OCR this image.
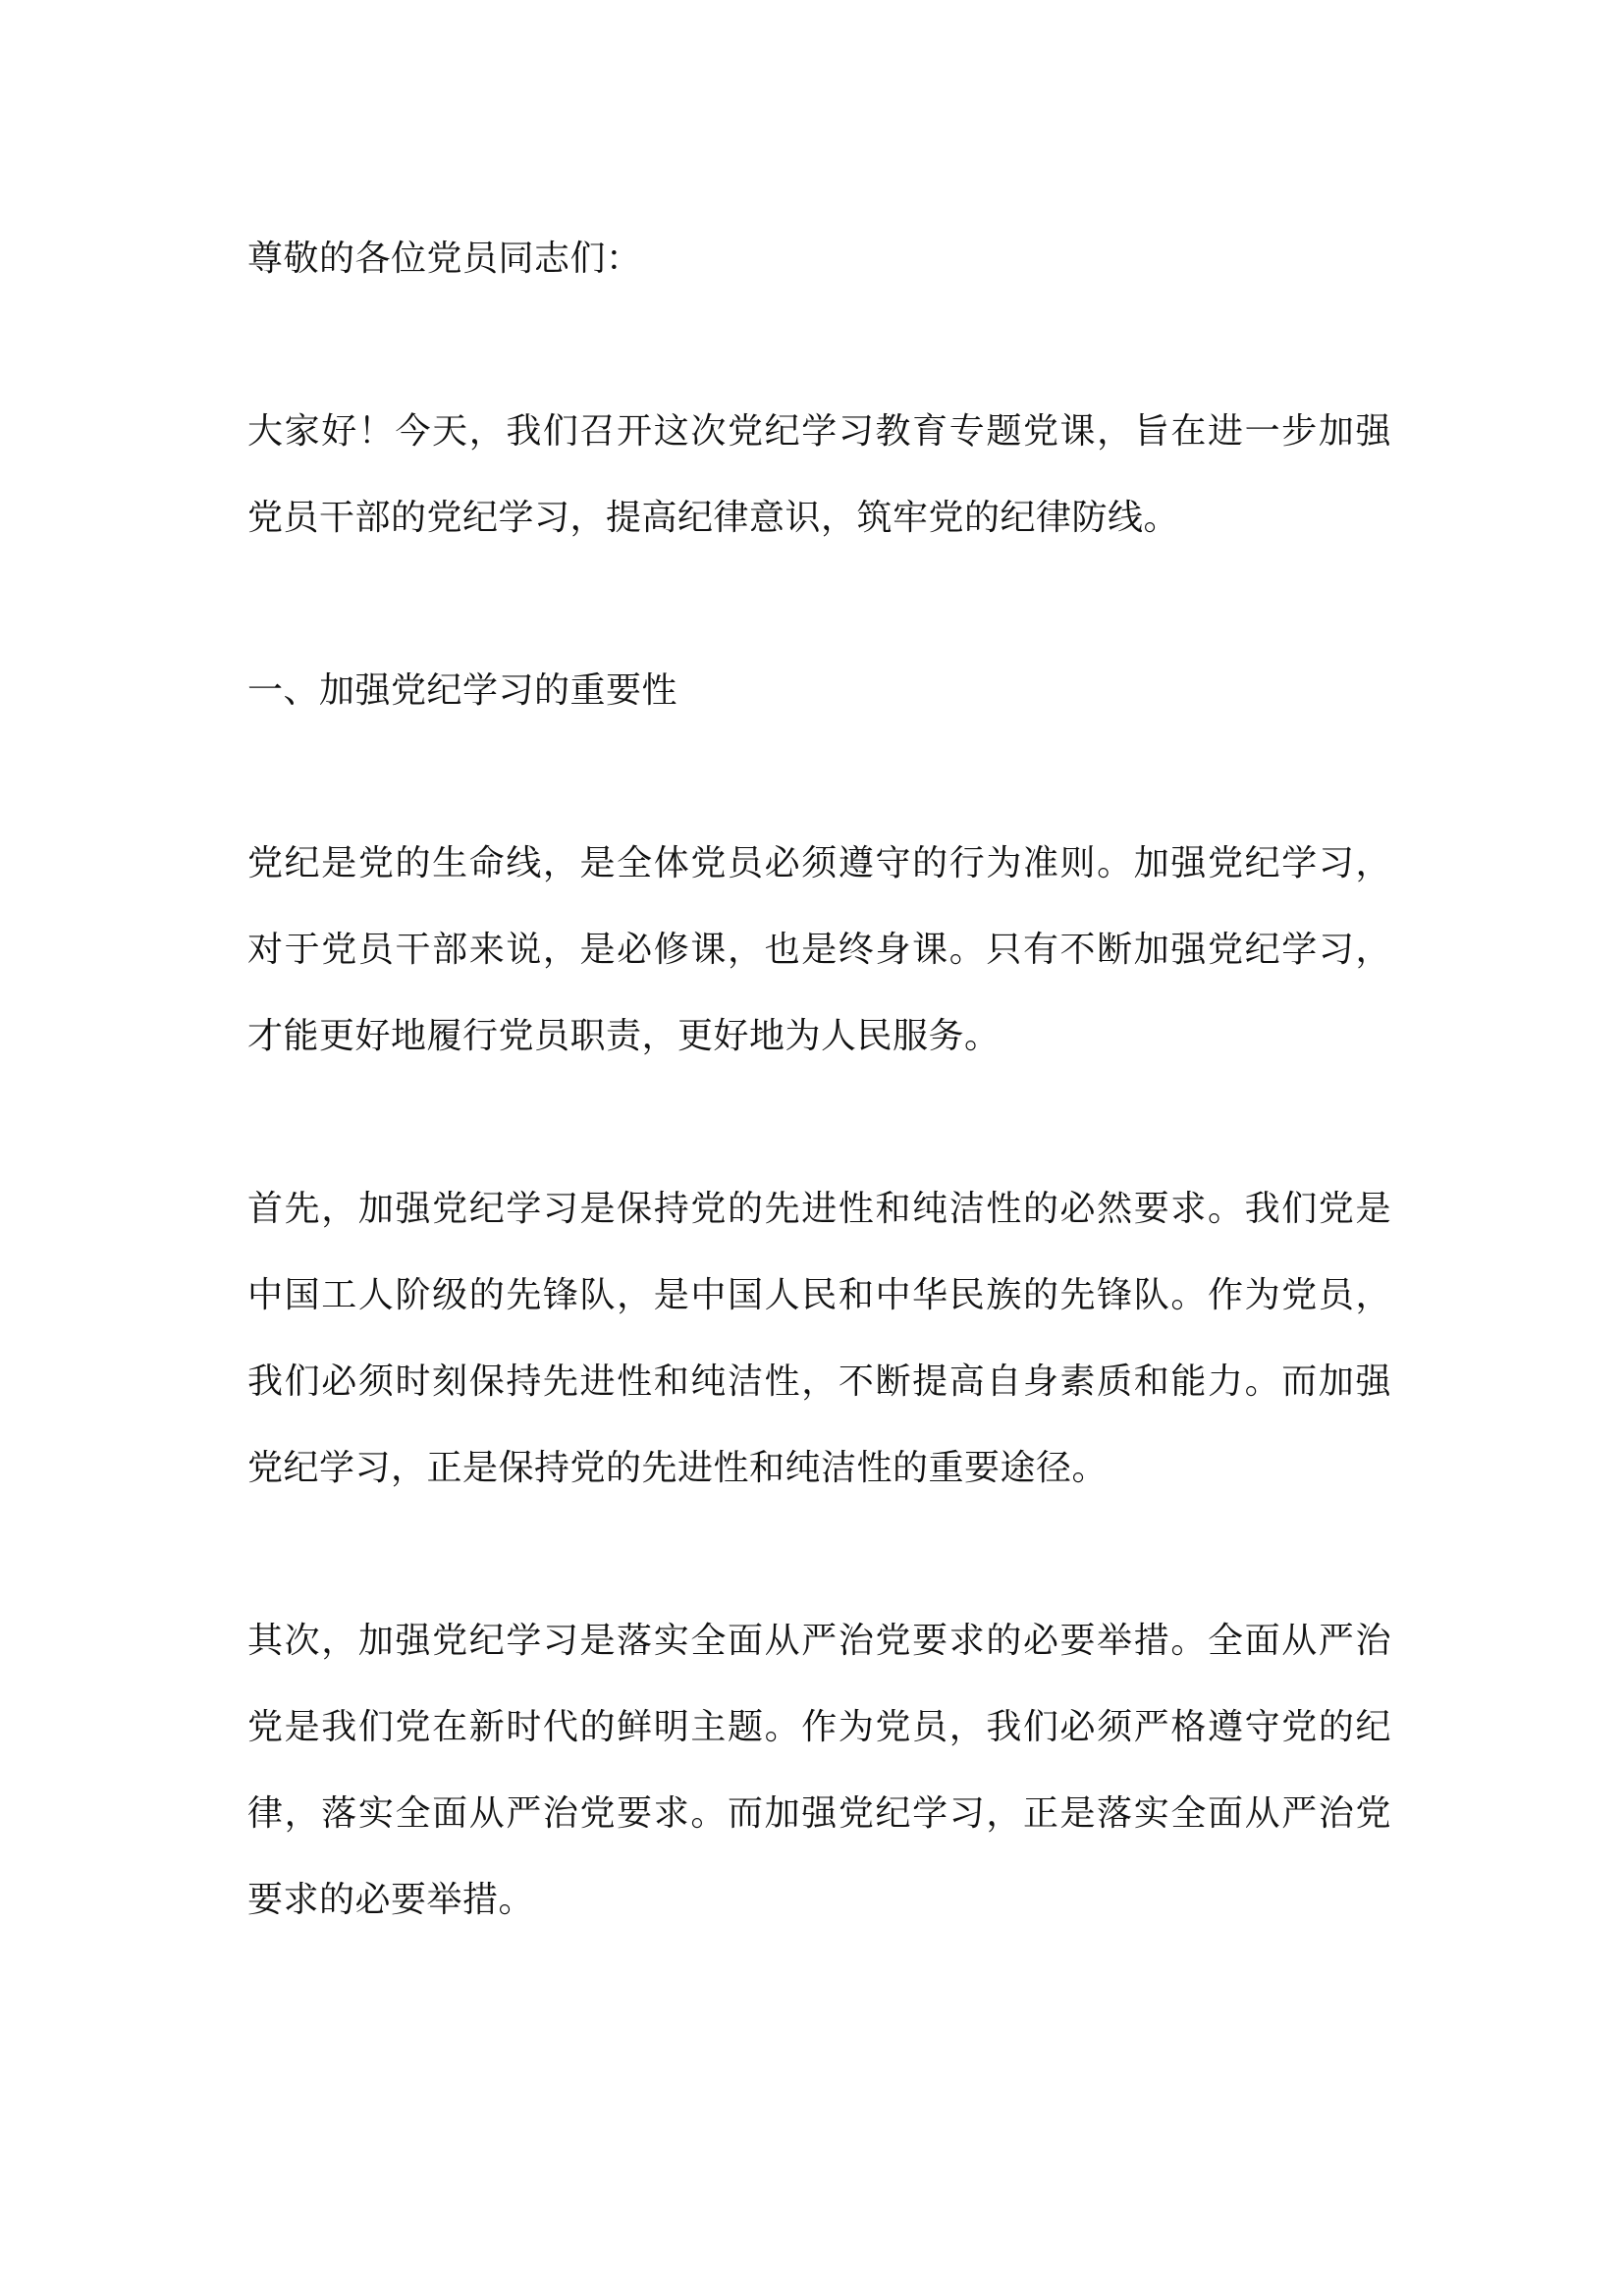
尊敬的各位党员同志们：

大家好！今天，我们召开这次党纪学习教育专题党课，旨在进一步加强党员干部的党纪学习，提高纪律意识，筑牢党的纪律防线。

一、加强党纪学习的重要性

党纪是党的生命线，是全体党员必须遵守的行为准则。加强党纪学习，对于党员干部来说，是必修课，也是终身课。只有不断加强党纪学习，才能更好地履行党员职责，更好地为人民服务。

首先，加强党纪学习是保持党的先进性和纯洁性的必然要求。我们党是中国工人阶级的先锋队，是中国人民和中华民族的先锋队。作为党员，我们必须时刻保持先进性和纯洁性，不断提高自身素质和能力。而加强党纪学习，正是保持党的先进性和纯洁性的重要途径。

其次，加强党纪学习是落实全面从严治党要求的必要举措。全面从严治党是我们党在新时代的鲜明主题。作为党员，我们必须严格遵守党的纪律，落实全面从严治党要求。而加强党纪学习，正是落实全面从严治党要求的必要举措。
